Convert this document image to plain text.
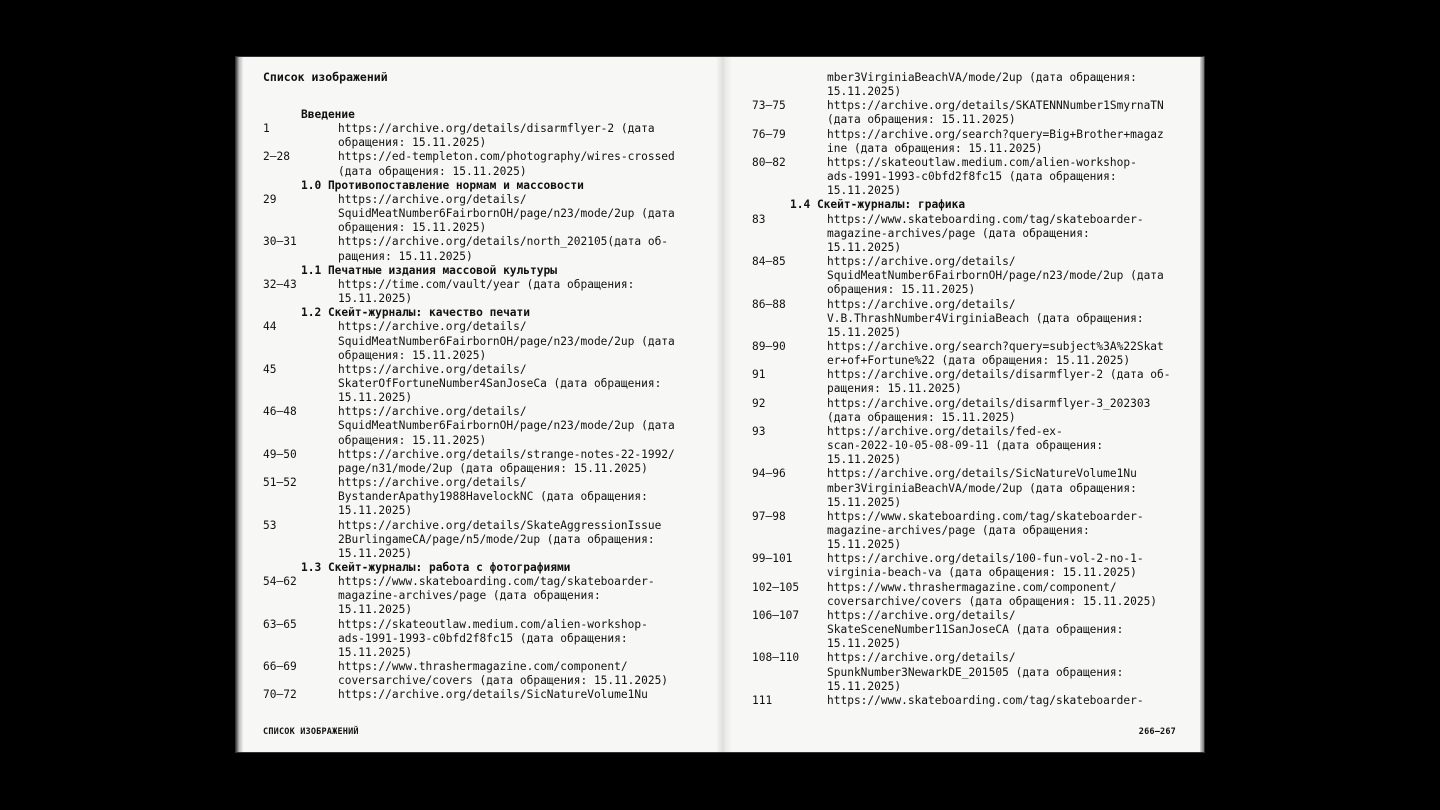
Список изображений
Введение
1	https://archive.org/details/disarmflyer-2 (дата
обращения: 15.11.2025)
2–28	https://ed-templeton.com/photography/wires-crossed
(дата обращения: 15.11.2025)
1.0 Противопоставление нормам и массовости
29	https://archive.org/details/
SquidMeatNumber6FairbornOH/page/n23/mode/2up (дата
обращения: 15.11.2025)
30–31	https://archive.org/details/north_202105(дата об-
ращения: 15.11.2025)
1.1 Печатные издания массовой культуры
32–43	https://time.com/vault/year (дата обращения:
15.11.2025)
1.2 Скейт-журналы: качество печати
44	https://archive.org/details/
SquidMeatNumber6FairbornOH/page/n23/mode/2up (дата
обращения: 15.11.2025)
45	https://archive.org/details/
SkaterOfFortuneNumber4SanJoseCa (дата обращения:
15.11.2025)
46–48	https://archive.org/details/
SquidMeatNumber6FairbornOH/page/n23/mode/2up (дата
обращения: 15.11.2025)
49–50	https://archive.org/details/strange-notes-22-1992/
page/n31/mode/2up (дата обращения: 15.11.2025)
51–52	https://archive.org/details/
BystanderApathy1988HavelockNC (дата обращения:
15.11.2025)
53	https://archive.org/details/SkateAggressionIssue
2BurlingameCA/page/n5/mode/2up (дата обращения:
15.11.2025)
1.3 Скейт-журналы: работа с фотографиями
54–62	https://www.skateboarding.com/tag/skateboarder-
magazine-archives/page (дата обращения:
15.11.2025)
63–65	https://skateoutlaw.medium.com/alien-workshop-
ads-1991-1993-c0bfd2f8fc15 (дата обращения:
15.11.2025)
66–69	https://www.thrashermagazine.com/component/
coversarchive/covers (дата обращения: 15.11.2025)
70–72	https://archive.org/details/SicNatureVolume1Nu
СПИСОК ИЗОБРАЖЕНИЙ
mber3VirginiaBeachVA/mode/2up (дата обращения:
15.11.2025)
73–75	https://archive.org/details/SKATENNNumber1SmyrnaTN
(дата обращения: 15.11.2025)
76–79	https://archive.org/search?query=Big+Brother+magaz
ine (дата обращения: 15.11.2025)
80–82	https://skateoutlaw.medium.com/alien-workshop-
ads-1991-1993-c0bfd2f8fc15 (дата обращения:
15.11.2025)
1.4 Скейт-журналы: графика
83	https://www.skateboarding.com/tag/skateboarder-
magazine-archives/page (дата обращения:
15.11.2025)
84–85	https://archive.org/details/
SquidMeatNumber6FairbornOH/page/n23/mode/2up (дата
обращения: 15.11.2025)
86–88	https://archive.org/details/
V.B.ThrashNumber4VirginiaBeach (дата обращения:
15.11.2025)
89–90	https://archive.org/search?query=subject%3A%22Skat
er+of+Fortune%22 (дата обращения: 15.11.2025)
91	https://archive.org/details/disarmflyer-2 (дата об-
ращения: 15.11.2025)
92	https://archive.org/details/disarmflyer-3_202303
(дата обращения: 15.11.2025)
93	https://archive.org/details/fed-ex-
scan-2022-10-05-08-09-11 (дата обращения:
15.11.2025)
94–96	https://archive.org/details/SicNatureVolume1Nu
mber3VirginiaBeachVA/mode/2up (дата обращения:
15.11.2025)
97–98	https://www.skateboarding.com/tag/skateboarder-
magazine-archives/page (дата обращения:
15.11.2025)
99–101	https://archive.org/details/100-fun-vol-2-no-1-
virginia-beach-va (дата обращения: 15.11.2025)
102–105	https://www.thrashermagazine.com/component/
coversarchive/covers (дата обращения: 15.11.2025)
106–107	https://archive.org/details/
SkateSceneNumber11SanJoseCA (дата обращения:
15.11.2025)
108–110	https://archive.org/details/
SpunkNumber3NewarkDE_201505 (дата обращения:
15.11.2025)
111	https://www.skateboarding.com/tag/skateboarder-
266–267
